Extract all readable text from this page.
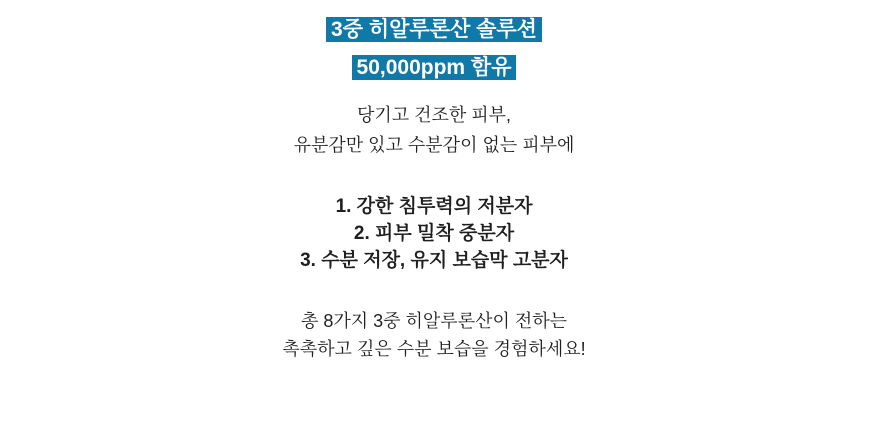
3중 히알루론산 솔루션
50,000ppm 함유

당기고 건조한 피부,
유분감만 있고 수분감이 없는 피부에

1. 강한 침투력의 저분자
2. 피부 밀착 중분자
3. 수분 저장, 유지 보습막 고분자

총 8가지 3중 히알루론산이 전하는
촉촉하고 깊은 수분 보습을 경험하세요!
